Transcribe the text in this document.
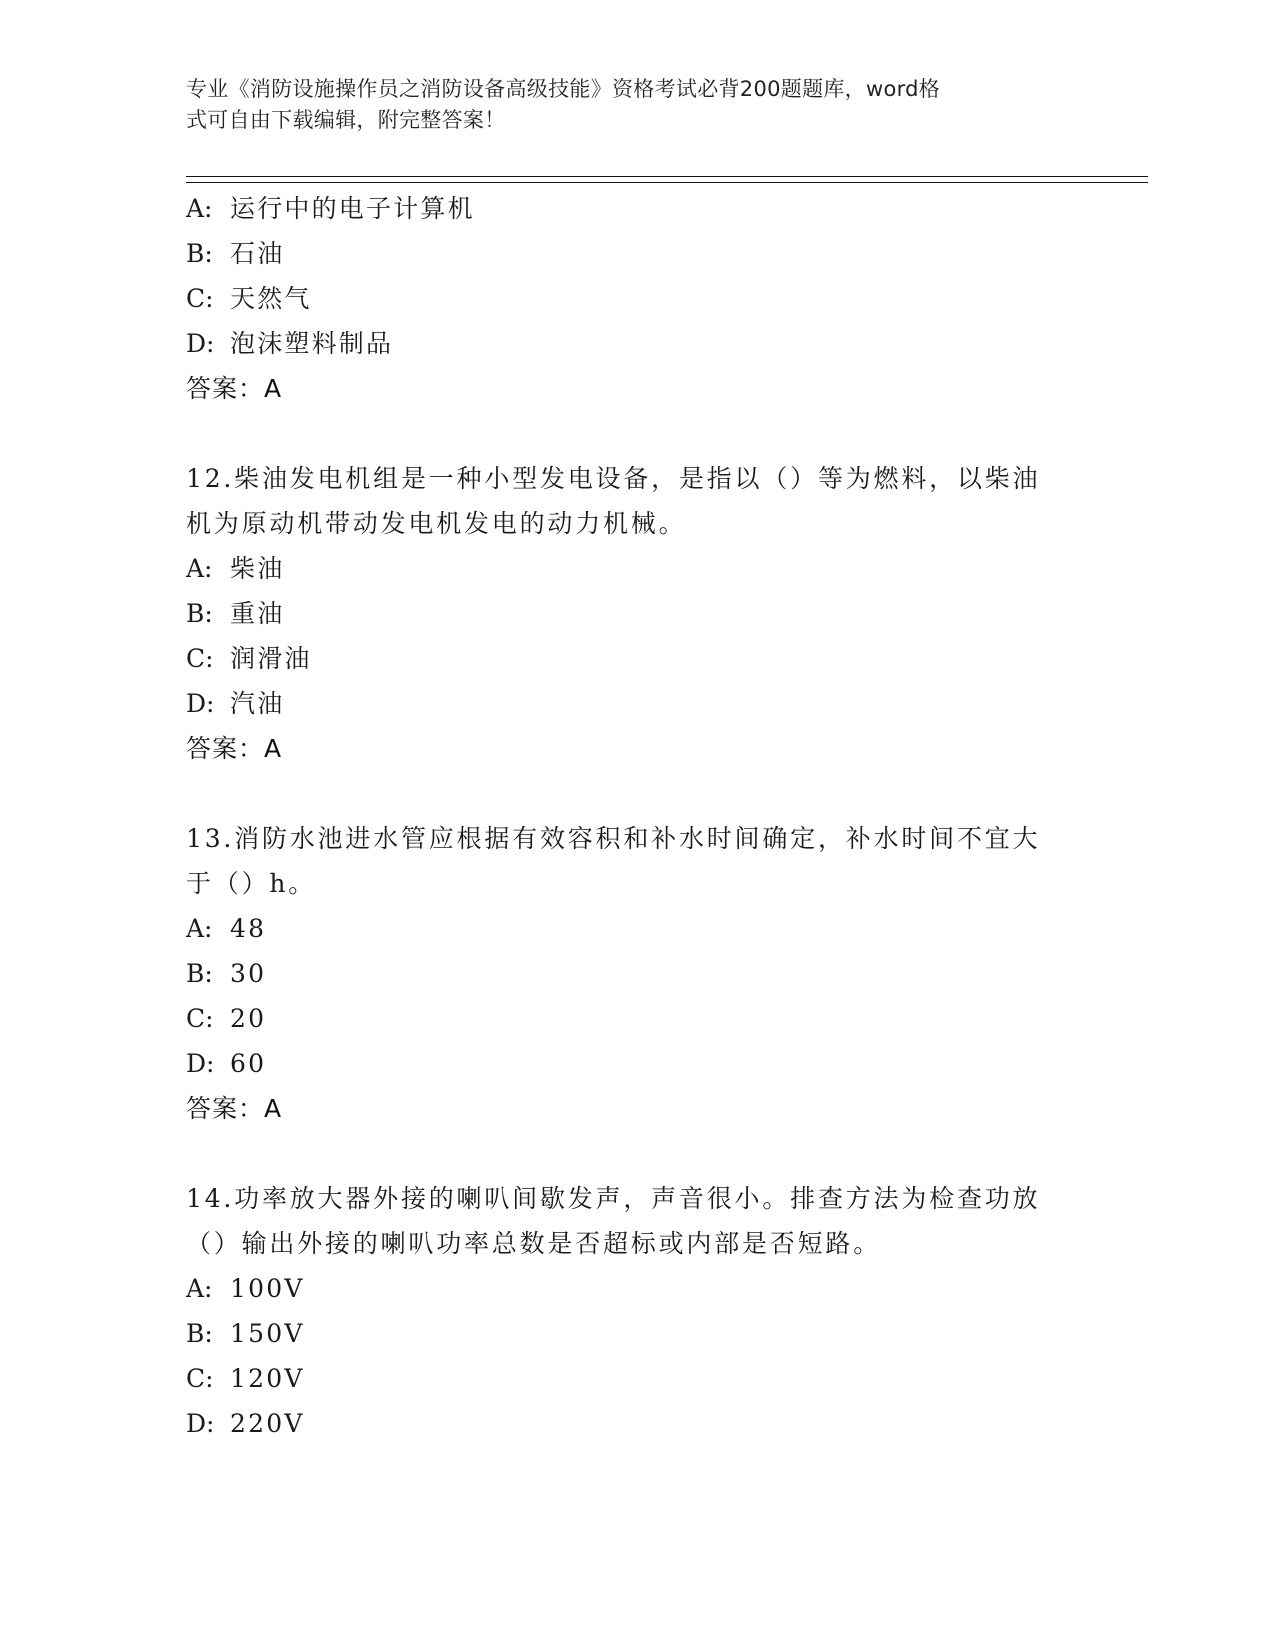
专业《消防设施操作员之消防设备高级技能》资格考试必背200题题库，word格
式可自由下载编辑，附完整答案！
A: 运行中的电子计算机
B: 石油
C: 天然气
D: 泡沫塑料制品
答案：A
12.柴油发电机组是一种小型发电设备，是指以（）等为燃料，以柴油
机为原动机带动发电机发电的动力机械。
A: 柴油
B: 重油
C: 润滑油
D: 汽油
答案：A
13.消防水池进水管应根据有效容积和补水时间确定，补水时间不宜大
于（）h。
A: 48
B: 30
C: 20
D: 60
答案：A
14.功率放大器外接的喇叭间歇发声，声音很小。排查方法为检查功放
（）输出外接的喇叭功率总数是否超标或内部是否短路。
A: 100V
B: 150V
C: 120V
D: 220V
